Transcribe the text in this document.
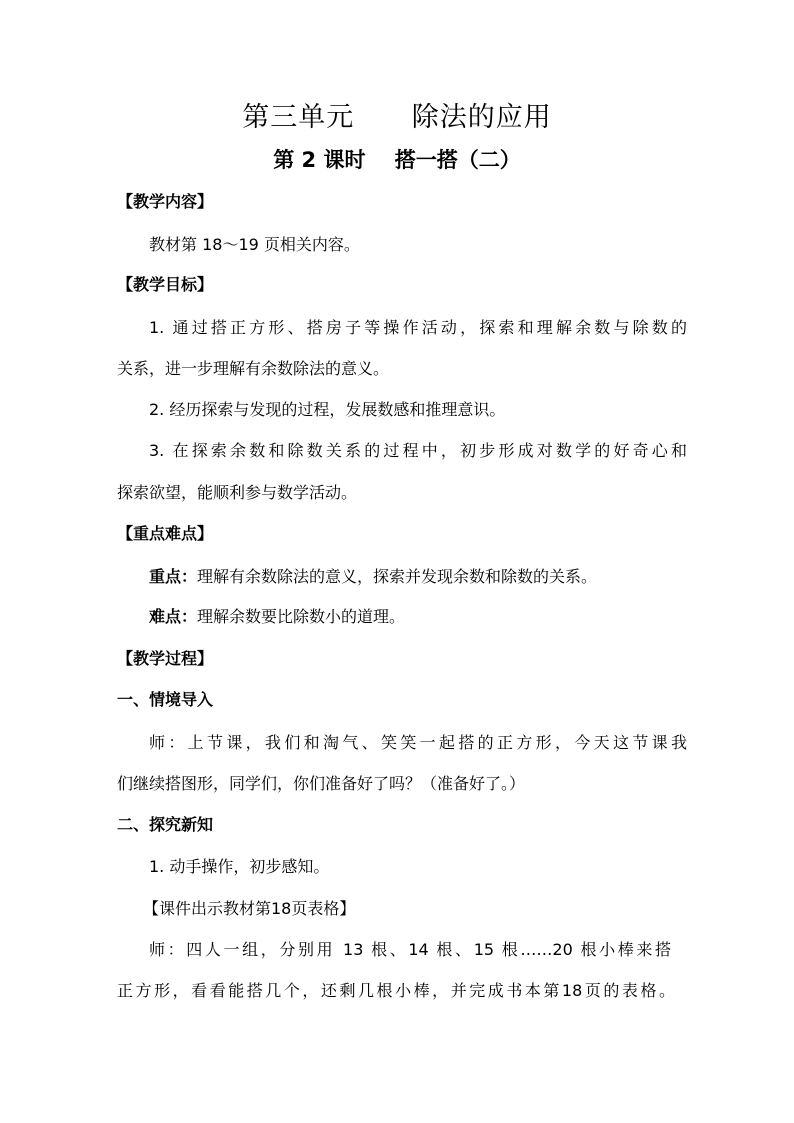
第三单元      除法的应用
第 2 课时    搭一搭（二）
【教学内容】
教材第 18～19 页相关内容。
【教学目标】
1. 通过搭正方形、搭房子等操作活动，探索和理解余数与除数的
关系，进一步理解有余数除法的意义。
2. 经历探索与发现的过程，发展数感和推理意识。
3. 在探索余数和除数关系的过程中，初步形成对数学的好奇心和
探索欲望，能顺利参与数学活动。
【重点难点】
重点：理解有余数除法的意义，探索并发现余数和除数的关系。
难点：理解余数要比除数小的道理。
【教学过程】
一、情境导入
师：上节课，我们和淘气、笑笑一起搭的正方形，今天这节课我
们继续搭图形，同学们，你们准备好了吗？（准备好了。）
二、探究新知
1. 动手操作，初步感知。
【课件出示教材第18页表格】
师：四人一组，分别用 13 根、14 根、15 根……20 根小棒来搭
正方形，看看能搭几个，还剩几根小棒，并完成书本第18页的表格。
